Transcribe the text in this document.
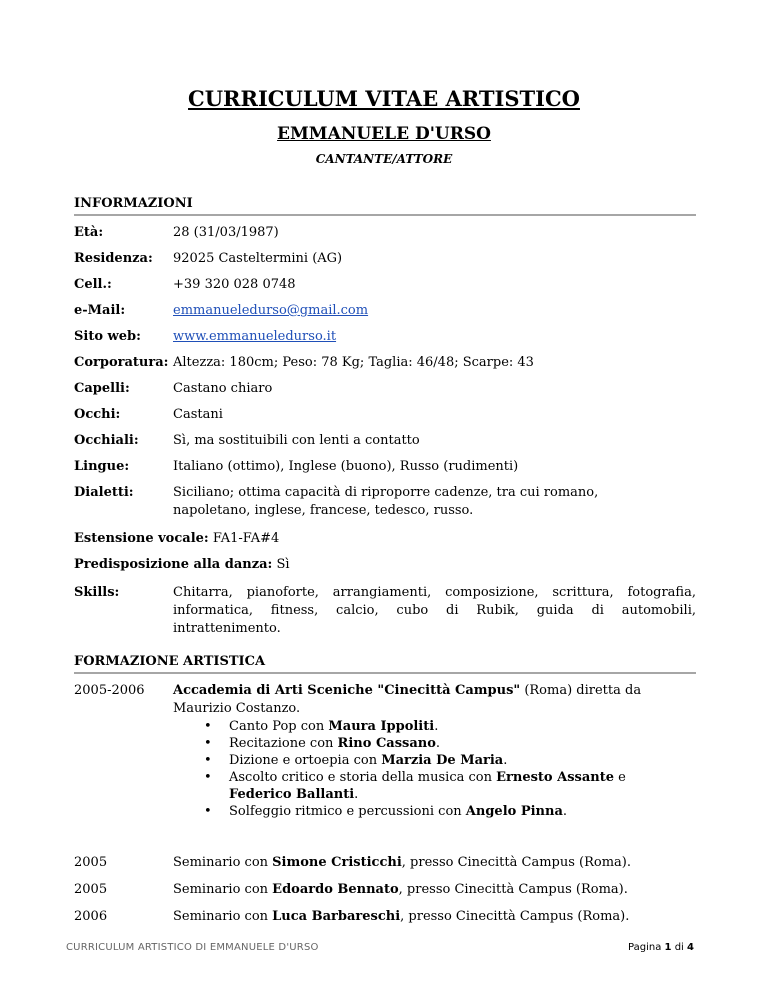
CURRICULUM VITAE ARTISTICO
EMMANUELE D'URSO
CANTANTE/ATTORE
INFORMAZIONI
Età:	28 (31/03/1987)
Residenza: 92025 Casteltermini (AG)
Cell.:	+39 320 028 0748
e-Mail:	emmanueledurso@gmail.com
Sito web: www.emmanueledurso.it
Corporatura: Altezza: 180cm; Peso: 78 Kg; Taglia: 46/48; Scarpe: 43
Capelli:	Castano chiaro
Occhi:	Castani
Occhiali:	Sì, ma sostituibili con lenti a contatto
Lingue:	Italiano (ottimo), Inglese (buono), Russo (rudimenti)
Dialetti:	Siciliano; ottima capacità di riproporre cadenze, tra cui romano, napoletano, inglese, francese, tedesco, russo.
Estensione vocale: FA1-FA#4
Predisposizione alla danza: Sì
Skills:	Chitarra, pianoforte, arrangiamenti, composizione, scrittura, fotografia, informatica, fitness, calcio, cubo di Rubik, guida di automobili, intrattenimento.
FORMAZIONE ARTISTICA
2005-2006 Accademia di Arti Sceniche "Cinecittà Campus" (Roma) diretta da Maurizio Costanzo.
• Canto Pop con Maura Ippoliti.
• Recitazione con Rino Cassano.
• Dizione e ortoepia con Marzia De Maria.
• Ascolto critico e storia della musica con Ernesto Assante e Federico Ballanti.
• Solfeggio ritmico e percussioni con Angelo Pinna.
2005	Seminario con Simone Cristicchi, presso Cinecittà Campus (Roma).
2005	Seminario con Edoardo Bennato, presso Cinecittà Campus (Roma).
2006	Seminario con Luca Barbareschi, presso Cinecittà Campus (Roma).
CURRICULUM ARTISTICO DI EMMANUELE D'URSO	Pagina 1 di 4
